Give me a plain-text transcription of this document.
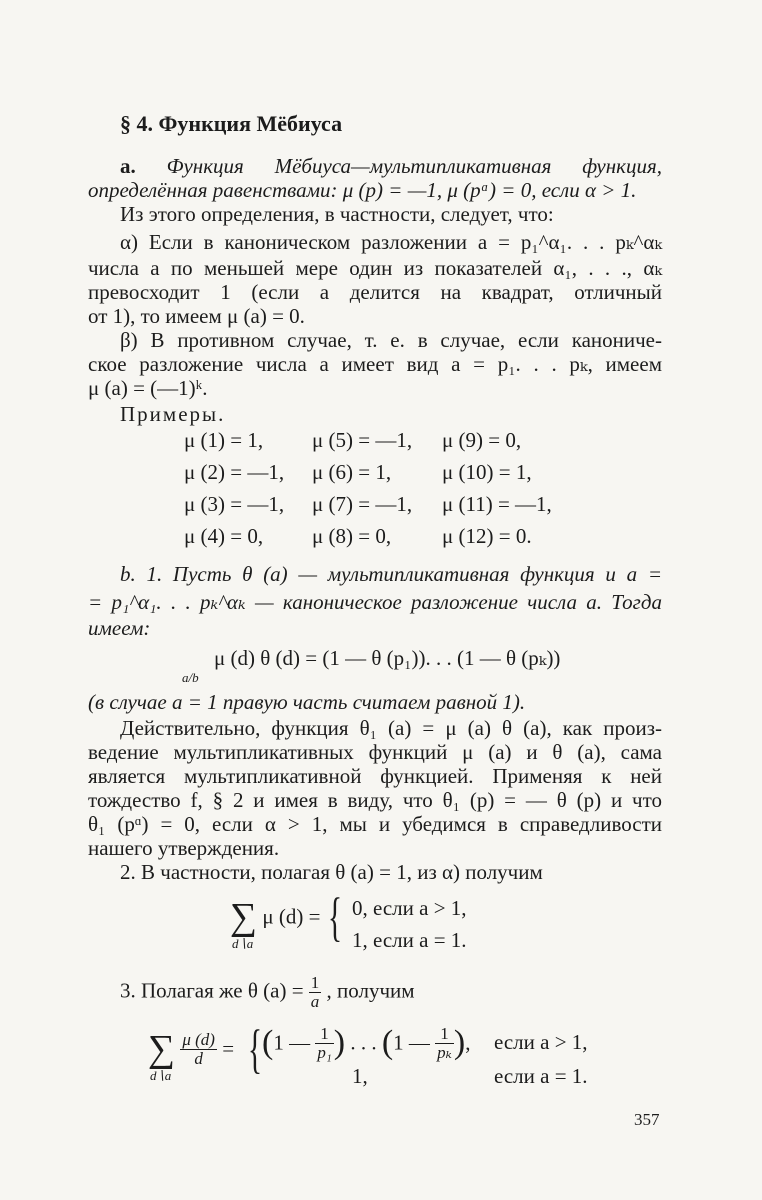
§ 4. Функция Мёбиуса
а. Функция Мёбиуса—мультипликативная функция,
определённая равенствами: μ (p) = —1, μ (pᵅ) = 0, если α > 1.
Из этого определения, в частности, следует, что:
α) Если в каноническом разложении a = p₁^α₁. . . pₖ^αₖ
числа a по меньшей мере один из показателей α₁, . . ., αₖ
превосходит 1 (если a делится на квадрат, отличный
от 1), то имеем μ (a) = 0.
β) В противном случае, т. е. в случае, если канониче-
ское разложение числа a имеет вид a = p₁. . . pₖ, имеем
μ (a) = (—1)ᵏ.
Примеры.
μ (1) = 1, μ (5) = —1, μ (9) = 0,
μ (2) = —1, μ (6) = 1, μ (10) = 1,
μ (3) = —1, μ (7) = —1, μ (11) = —1,
μ (4) = 0, μ (8) = 0, μ (12) = 0.
b. 1. Пусть θ (a) — мультипликативная функция и a =
= p₁^α₁. . . pₖ^αₖ — каноническое разложение числа a. Тогда
имеем:
μ (d) θ (d) = (1 — θ (p₁)). . . (1 — θ (pₖ))
a/b
(в случае a = 1 правую часть считаем равной 1).
Действительно, функция θ₁ (a) = μ (a) θ (a), как произ-
ведение мультипликативных функций μ (a) и θ (a), сама
является мультипликативной функцией. Применяя к ней
тождество f, § 2 и имея в виду, что θ₁ (p) = — θ (p) и что
θ₁ (pᵅ) = 0, если α > 1, мы и убедимся в справедливости
нашего утверждения.
2. В частности, полагая θ (a) = 1, из α) получим
∑ μ (d) =
d∖a { 0, если a > 1,
1, если a = 1.
3. Полагая же θ $(a) = \frac{1}{a}$ , получим
∑ $\frac{\mu (d)}{d}$ =
d∖a { (1 — $\frac{1}{\text{p₁}}$ ) . . . (1 — $\frac{1}{\text{pₖ}}$ ), если a > 1,
1,	если a = 1.
357
